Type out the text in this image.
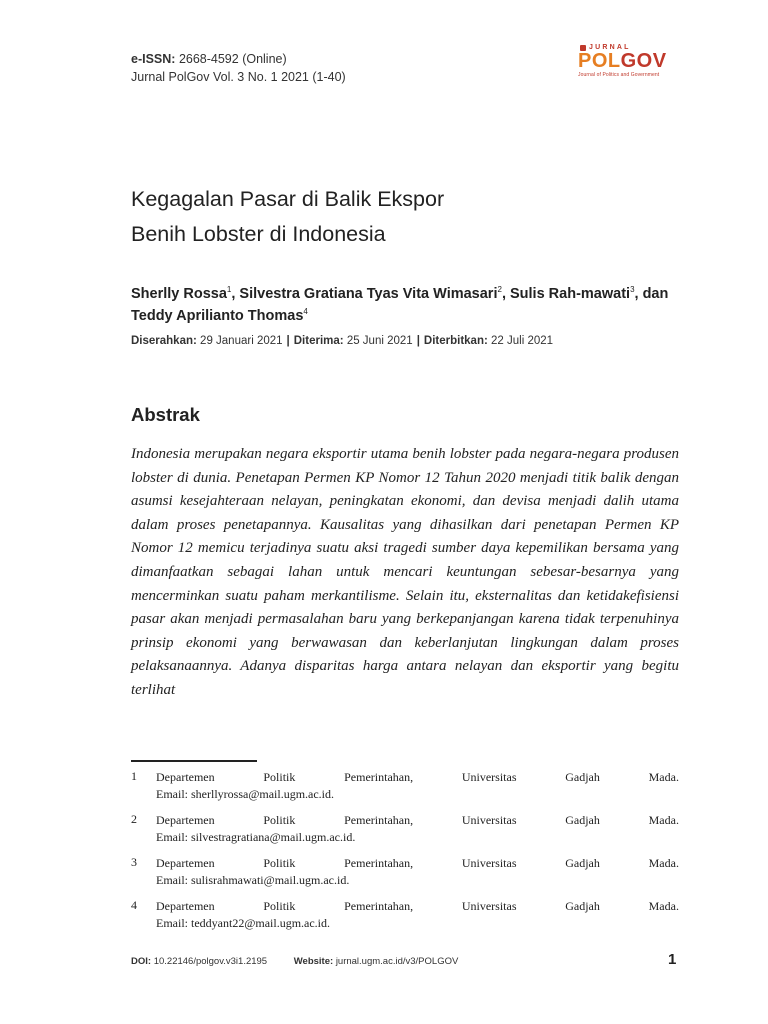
e-ISSN: 2668-4592 (Online)
Jurnal PolGov Vol. 3 No. 1 2021 (1-40)
JURNAL
POLGOV
Journal of Politics and Government
Kegagalan Pasar di Balik Ekspor
Benih Lobster di Indonesia
Sherlly Rossa$^1$, Silvestra Gratiana Tyas Vita Wimasari$^2$, Sulis Rah-mawati$^3$, dan Teddy Aprilianto Thomas$^4$
Diserahkan: 29 Januari 2021 | Diterima: 25 Juni 2021 | Diterbitkan: 22 Juli 2021
Abstrak
Indonesia merupakan negara eksportir utama benih lobster pada negara-negara produsen lobster di dunia. Penetapan Permen KP Nomor 12 Tahun 2020 menjadi titik balik dengan asumsi kesejahteraan nelayan, peningkatan ekonomi, dan devisa menjadi dalih utama dalam proses penetapannya. Kausalitas yang dihasilkan dari penetapan Permen KP Nomor 12 memicu terjadinya suatu aksi tragedi sumber daya kepemilikan bersama yang dimanfaatkan sebagai lahan untuk mencari keuntungan sebesar-besarnya yang mencerminkan suatu paham merkantilisme. Selain itu, eksternalitas dan ketidakefisiensi pasar akan menjadi permasalahan baru yang berkepanjangan karena tidak terpenuhinya prinsip ekonomi yang berwawasan dan keberlanjutan lingkungan dalam proses pelaksanaannya. Adanya disparitas harga antara nelayan dan eksportir yang begitu terlihat
1 Departemen	Politik	Pemerintahan,	Universitas	Gadjah	Mada.
Email: sherllyrossa@mail.ugm.ac.id.
2 Departemen	Politik	Pemerintahan,	Universitas	Gadjah	Mada.
Email: silvestragratiana@mail.ugm.ac.id.
3 Departemen	Politik	Pemerintahan,	Universitas	Gadjah	Mada.
Email: sulisrahmawati@mail.ugm.ac.id.
4 Departemen	Politik	Pemerintahan,	Universitas	Gadjah	Mada.
Email: teddyant22@mail.ugm.ac.id.
DOI: 10.22146/polgov.v3i1.2195	Website: jurnal.ugm.ac.id/v3/POLGOV	1
